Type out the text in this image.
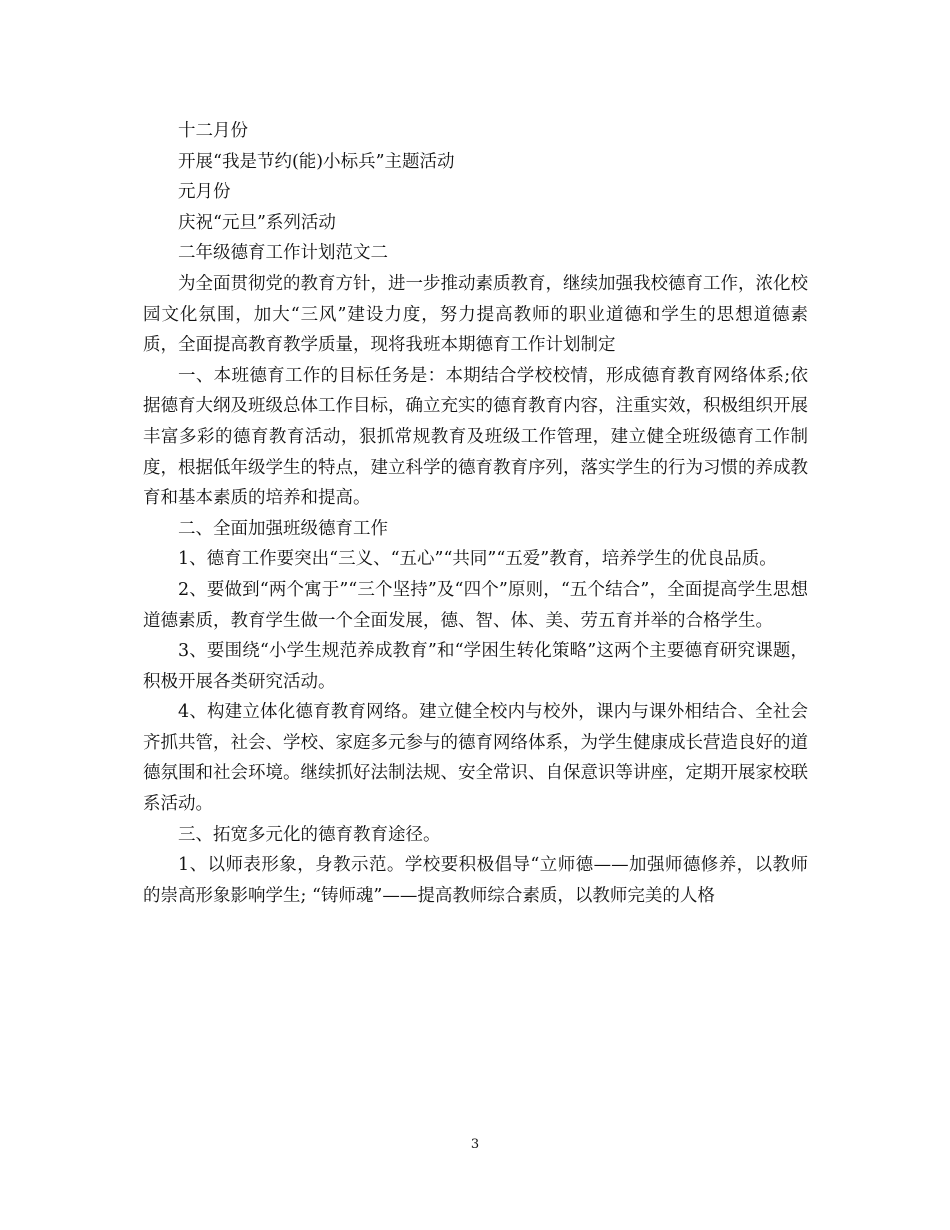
十二月份

开展“我是节约(能)小标兵”主题活动

元月份

庆祝“元旦”系列活动

二年级德育工作计划范文二

为全面贯彻党的教育方针，进一步推动素质教育，继续加强我校德育工作，浓化校园文化氛围，加大“三风”建设力度，努力提高教师的职业道德和学生的思想道德素质，全面提高教育教学质量，现将我班本期德育工作计划制定

一、本班德育工作的目标任务是：本期结合学校校情，形成德育教育网络体系;依据德育大纲及班级总体工作目标，确立充实的德育教育内容，注重实效，积极组织开展丰富多彩的德育教育活动，狠抓常规教育及班级工作管理，建立健全班级德育工作制度，根据低年级学生的特点，建立科学的德育教育序列，落实学生的行为习惯的养成教育和基本素质的培养和提高。

二、全面加强班级德育工作

1、德育工作要突出“三义、“五心”“共同”“五爱”教育，培养学生的优良品质。

2、要做到“两个寓于”“三个坚持”及“四个”原则，“五个结合”，全面提高学生思想道德素质，教育学生做一个全面发展，德、智、体、美、劳五育并举的合格学生。

3、要围绕“小学生规范养成教育”和“学困生转化策略”这两个主要德育研究课题，积极开展各类研究活动。

4、构建立体化德育教育网络。建立健全校内与校外，课内与课外相结合、全社会齐抓共管，社会、学校、家庭多元参与的德育网络体系，为学生健康成长营造良好的道德氛围和社会环境。继续抓好法制法规、安全常识、自保意识等讲座，定期开展家校联系活动。

三、拓宽多元化的德育教育途径。

1、以师表形象，身教示范。学校要积极倡导“立师德——加强师德修养，以教师的崇高形象影响学生; “铸师魂”——提高教师综合素质，以教师完美的人格

3
